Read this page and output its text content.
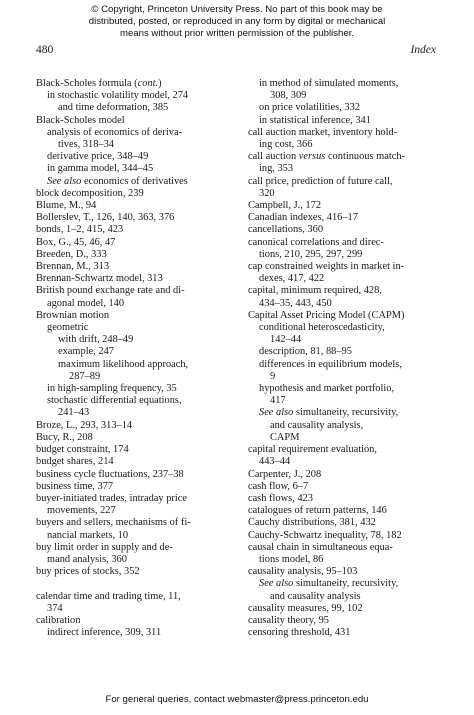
© Copyright, Princeton University Press. No part of this book may be
distributed, posted, or reproduced in any form by digital or mechanical
means without prior written permission of the publisher.
480	Index
Black-Scholes formula (cont.)
in stochastic volatility model, 274
and time deformation, 385
Black-Scholes model
analysis of economics of deriva-
tives, 318–34
derivative price, 348–49
in gamma model, 344–45
See also economics of derivatives
block decomposition, 239
Blume, M., 94
Bollerslev, T., 126, 140, 363, 376
bonds, 1–2, 415, 423
Box, G., 45, 46, 47
Breeden, D., 333
Brennan, M., 313
Brennan-Schwartz model, 313
British pound exchange rate and di-
agonal model, 140
Brownian motion
geometric
with drift, 248–49
example, 247
maximum likelihood approach,
287–89
in high-sampling frequency, 35
stochastic differential equations,
241–43
Broze, L., 293, 313–14
Bucy, R., 208
budget constraint, 174
budget shares, 214
business cycle fluctuations, 237–38
business time, 377
buyer-initiated trades, intraday price
movements, 227
buyers and sellers, mechanisms of fi-
nancial markets, 10
buy limit order in supply and de-
mand analysis, 360
buy prices of stocks, 352
calendar time and trading time, 11,
374
calibration
indirect inference, 309, 311
in method of simulated moments,
308, 309
on price volatilities, 332
in statistical inference, 341
call auction market, inventory hold-
ing cost, 366
call auction versus continuous match-
ing, 353
call price, prediction of future call,
320
Campbell, J., 172
Canadian indexes, 416–17
cancellations, 360
canonical correlations and direc-
tions, 210, 295, 297, 299
cap constrained weights in market in-
dexes, 417, 422
capital, minimum required, 428,
434–35, 443, 450
Capital Asset Pricing Model (CAPM)
conditional heteroscedasticity,
142–44
description, 81, 88–95
differences in equilibrium models,
9
hypothesis and market portfolio,
417
See also simultaneity, recursivity,
and causality analysis,
CAPM
capital requirement evaluation,
443–44
Carpenter, J., 208
cash flow, 6–7
cash flows, 423
catalogues of return patterns, 146
Cauchy distributions, 381, 432
Cauchy-Schwartz inequality, 78, 182
causal chain in simultaneous equa-
tions model, 86
causality analysis, 95–103
See also simultaneity, recursivity,
and causality analysis
causality measures, 99, 102
causality theory, 95
censoring threshold, 431
For general queries, contact webmaster@press.princeton.edu
